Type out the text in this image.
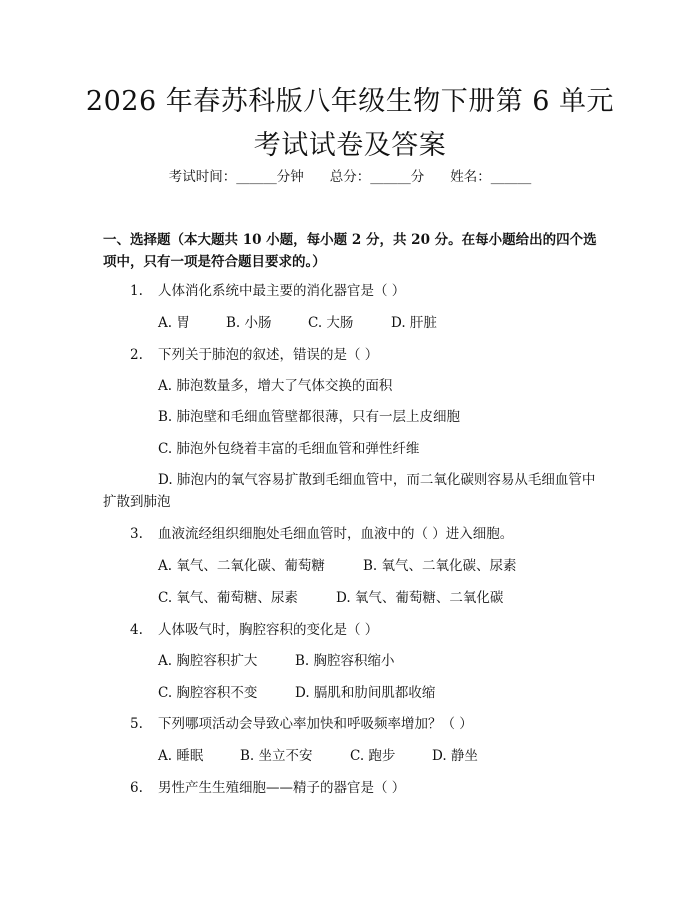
2026 年春苏科版八年级生物下册第 6 单元考试试卷及答案
考试时间：______分钟 总分：______分 姓名：______
一、选择题（本大题共 10 小题，每小题 2 分，共 20 分。在每小题给出的四个选项中，只有一项是符合题目要求的。）
1. 人体消化系统中最主要的消化器官是（ ）
A. 胃	B. 小肠	C. 大肠	D. 肝脏
2. 下列关于肺泡的叙述，错误的是（ ）
A. 肺泡数量多，增大了气体交换的面积
B. 肺泡壁和毛细血管壁都很薄，只有一层上皮细胞
C. 肺泡外包绕着丰富的毛细血管和弹性纤维
D. 肺泡内的氧气容易扩散到毛细血管中，而二氧化碳则容易从毛细血管中扩散到肺泡
3. 血液流经组织细胞处毛细血管时，血液中的（ ）进入细胞。
A. 氧气、二氧化碳、葡萄糖	B. 氧气、二氧化碳、尿素
C. 氧气、葡萄糖、尿素	D. 氧气、葡萄糖、二氧化碳
4. 人体吸气时，胸腔容积的变化是（ ）
A. 胸腔容积扩大	B. 胸腔容积缩小
C. 胸腔容积不变	D. 膈肌和肋间肌都收缩
5. 下列哪项活动会导致心率加快和呼吸频率增加？（ ）
A. 睡眠	B. 坐立不安	C. 跑步	D. 静坐
6. 男性产生生殖细胞——精子的器官是（ ）
